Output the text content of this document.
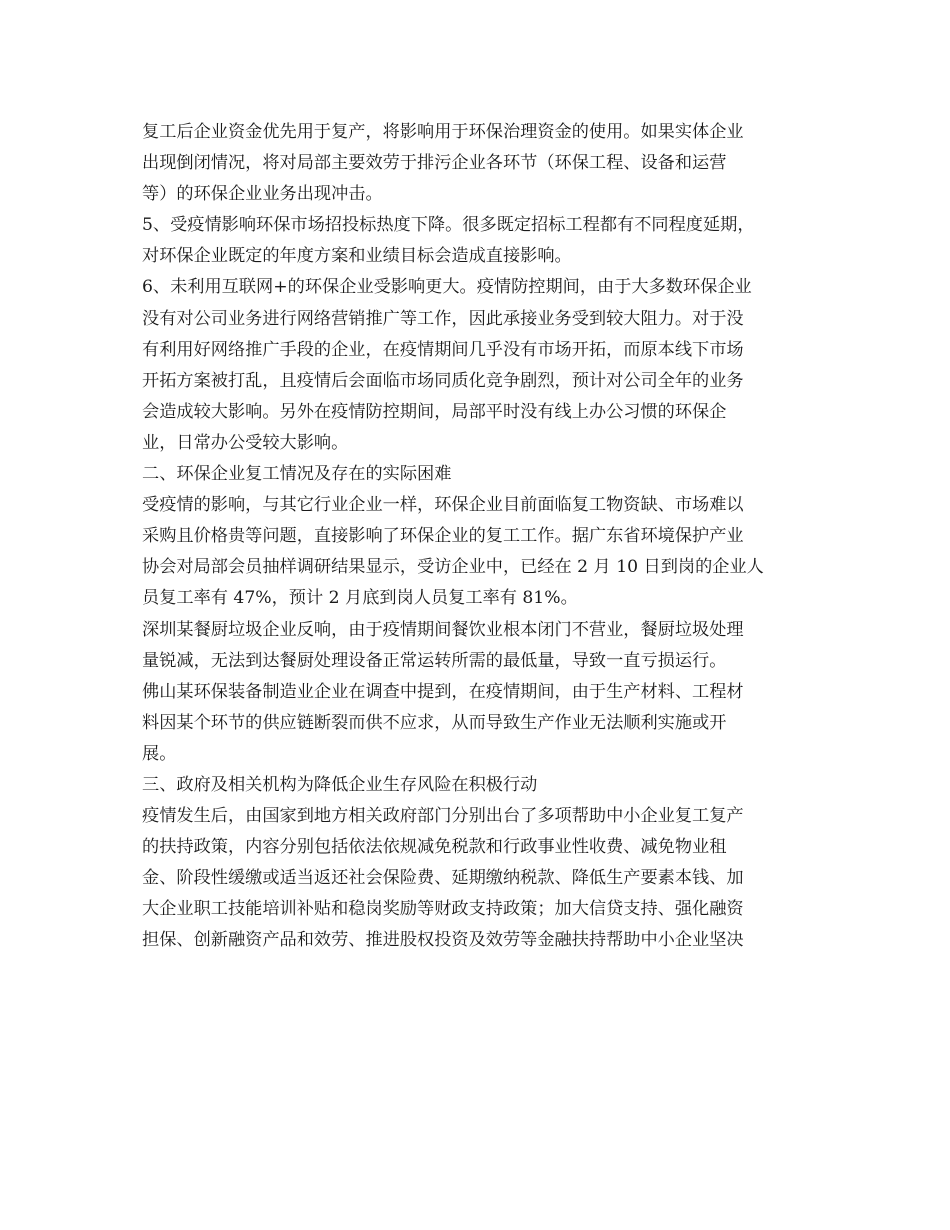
复工后企业资金优先用于复产，将影响用于环保治理资金的使用。如果实体企业
出现倒闭情况，将对局部主要效劳于排污企业各环节（环保工程、设备和运营
等）的环保企业业务出现冲击。
5、受疫情影响环保市场招投标热度下降。很多既定招标工程都有不同程度延期，
对环保企业既定的年度方案和业绩目标会造成直接影响。
6、未利用互联网+的环保企业受影响更大。疫情防控期间，由于大多数环保企业
没有对公司业务进行网络营销推广等工作，因此承接业务受到较大阻力。对于没
有利用好网络推广手段的企业，在疫情期间几乎没有市场开拓，而原本线下市场
开拓方案被打乱，且疫情后会面临市场同质化竞争剧烈，预计对公司全年的业务
会造成较大影响。另外在疫情防控期间，局部平时没有线上办公习惯的环保企
业，日常办公受较大影响。
二、环保企业复工情况及存在的实际困难
受疫情的影响，与其它行业企业一样，环保企业目前面临复工物资缺、市场难以
采购且价格贵等问题，直接影响了环保企业的复工工作。据广东省环境保护产业
协会对局部会员抽样调研结果显示，受访企业中，已经在 2 月 10 日到岗的企业人
员复工率有 47%，预计 2 月底到岗人员复工率有 81%。
深圳某餐厨垃圾企业反响，由于疫情期间餐饮业根本闭门不营业，餐厨垃圾处理
量锐减，无法到达餐厨处理设备正常运转所需的最低量，导致一直亏损运行。
佛山某环保装备制造业企业在调查中提到，在疫情期间，由于生产材料、工程材
料因某个环节的供应链断裂而供不应求，从而导致生产作业无法顺利实施或开
展。
三、政府及相关机构为降低企业生存风险在积极行动
疫情发生后，由国家到地方相关政府部门分别出台了多项帮助中小企业复工复产
的扶持政策，内容分别包括依法依规减免税款和行政事业性收费、减免物业租
金、阶段性缓缴或适当返还社会保险费、延期缴纳税款、降低生产要素本钱、加
大企业职工技能培训补贴和稳岗奖励等财政支持政策；加大信贷支持、强化融资
担保、创新融资产品和效劳、推进股权投资及效劳等金融扶持帮助中小企业坚决
